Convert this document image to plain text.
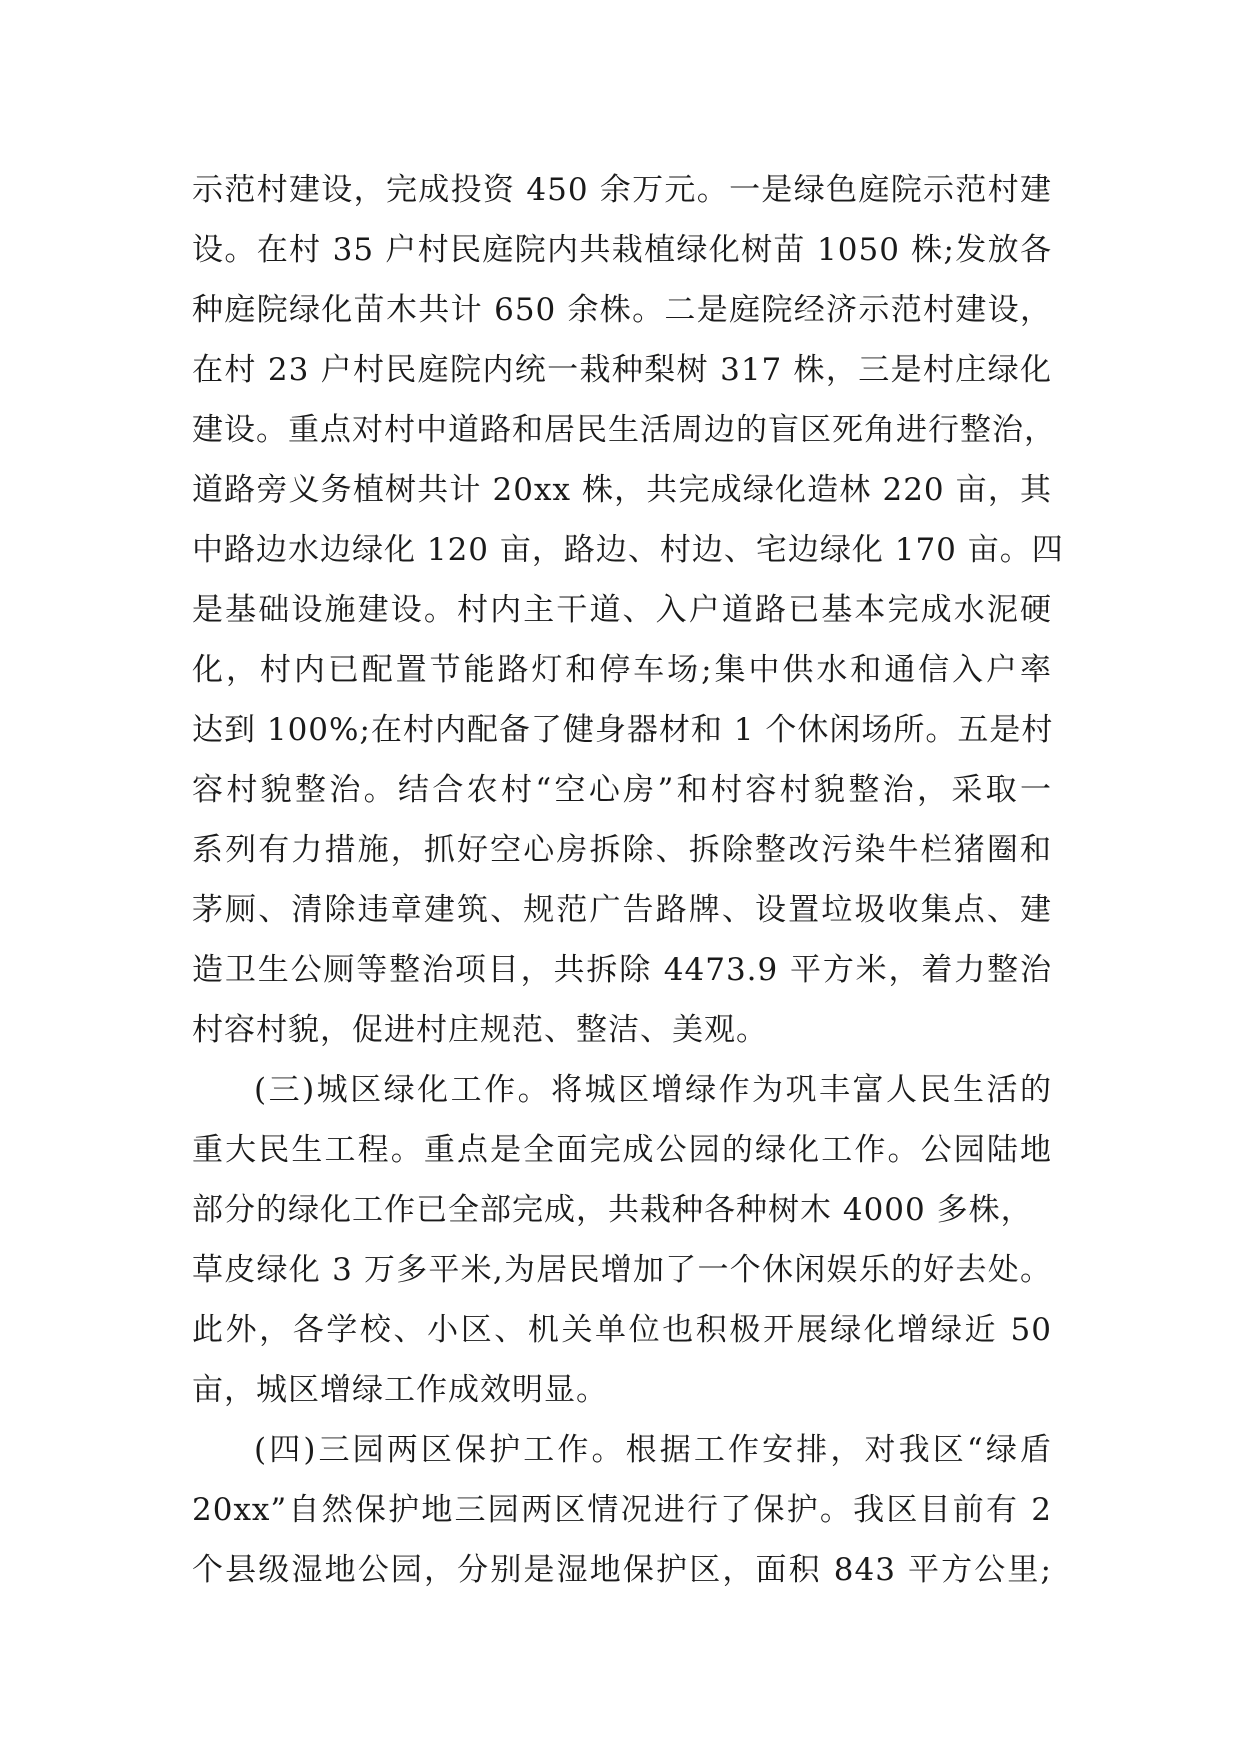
示范村建设，完成投资 450 余万元。一是绿色庭院示范村建
设。在村 35 户村民庭院内共栽植绿化树苗 1050 株;发放各
种庭院绿化苗木共计 650 余株。二是庭院经济示范村建设，
在村 23 户村民庭院内统一栽种梨树 317 株，三是村庄绿化
建设。重点对村中道路和居民生活周边的盲区死角进行整治，
道路旁义务植树共计 20xx 株，共完成绿化造林 220 亩，其
中路边水边绿化 120 亩，路边、村边、宅边绿化 170 亩。四
是基础设施建设。村内主干道、入户道路已基本完成水泥硬
化，村内已配置节能路灯和停车场;集中供水和通信入户率
达到 100%;在村内配备了健身器材和 1 个休闲场所。五是村
容村貌整治。结合农村“空心房”和村容村貌整治，采取一
系列有力措施，抓好空心房拆除、拆除整改污染牛栏猪圈和
茅厕、清除违章建筑、规范广告路牌、设置垃圾收集点、建
造卫生公厕等整治项目，共拆除 4473.9 平方米，着力整治
村容村貌，促进村庄规范、整洁、美观。
(三)城区绿化工作。将城区增绿作为巩丰富人民生活的
重大民生工程。重点是全面完成公园的绿化工作。公园陆地
部分的绿化工作已全部完成，共栽种各种树木 4000 多株，
草皮绿化 3 万多平米,为居民增加了一个休闲娱乐的好去处。
此外，各学校、小区、机关单位也积极开展绿化增绿近 50
亩，城区增绿工作成效明显。
(四)三园两区保护工作。根据工作安排，对我区“绿盾
20xx”自然保护地三园两区情况进行了保护。我区目前有 2
个县级湿地公园，分别是湿地保护区，面积 843 平方公里;
